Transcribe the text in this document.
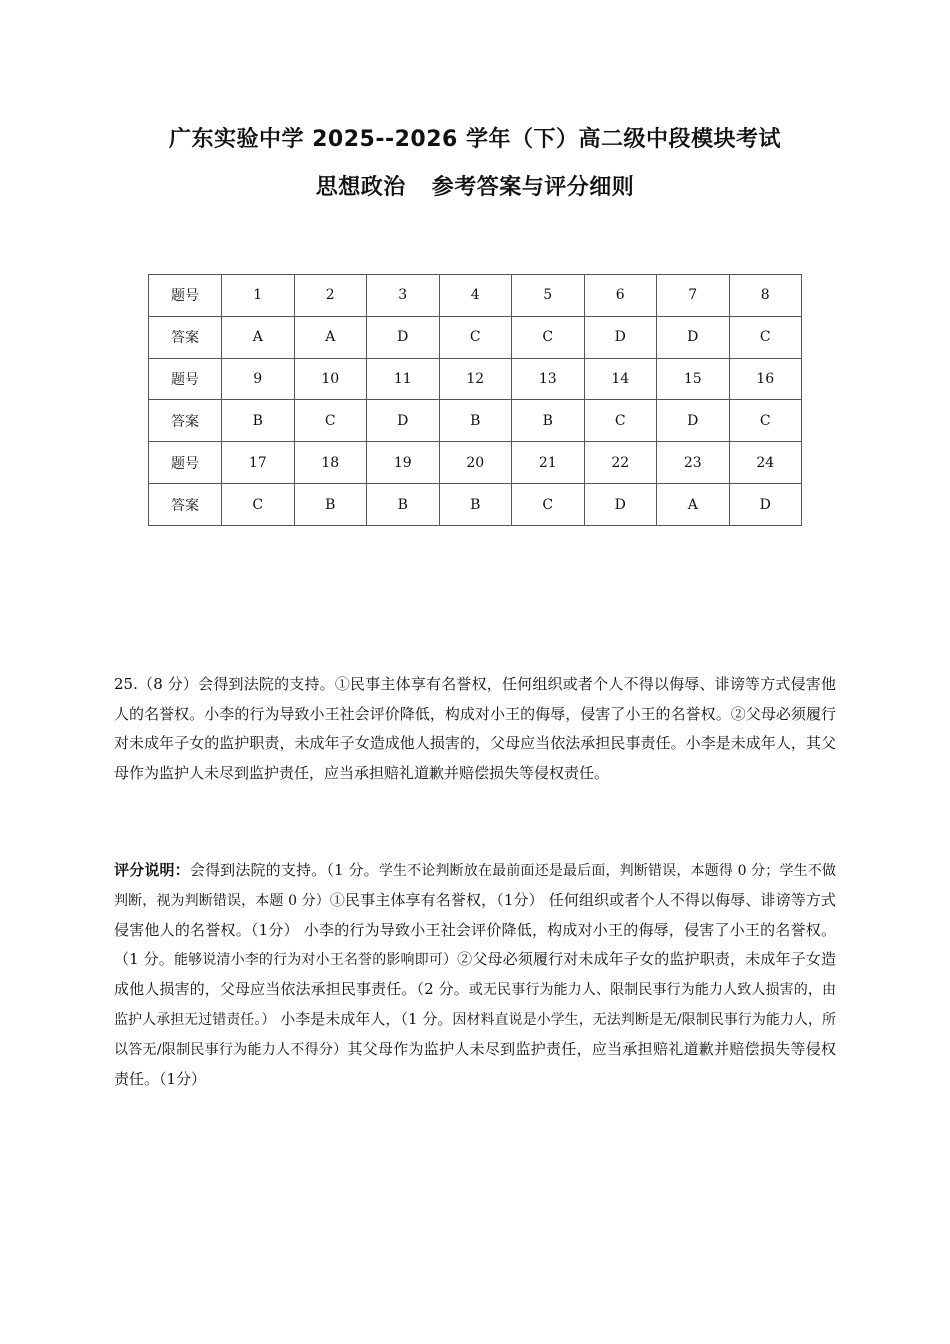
广东实验中学 2025--2026 学年（下）高二级中段模块考试
思想政治 参考答案与评分细则
题号	1	2	3	4	5	6	7	8
答案	A	A	D	C	C	D	D	C
题号	9	10	11	12	13	14	15	16
答案	B	C	D	B	B	C	D	C
题号	17	18	19	20	21	22	23	24
答案	C	B	B	B	C	D	A	D
25.（8 分）会得到法院的支持。①民事主体享有名誉权，任何组织或者个人不得以侮辱、诽谤等方式侵害他人的名誉权。小李的行为导致小王社会评价降低，构成对小王的侮辱，侵害了小王的名誉权。②父母必须履行对未成年子女的监护职责，未成年子女造成他人损害的，父母应当依法承担民事责任。小李是未成年人，其父母作为监护人未尽到监护责任，应当承担赔礼道歉并赔偿损失等侵权责任。
评分说明：会得到法院的支持。（1 分。学生不论判断放在最前面还是最后面，判断错误，本题得 0 分；学生不做判断，视为判断错误，本题 0 分）①民事主体享有名誉权，（1分） 任何组织或者个人不得以侮辱、诽谤等方式侵害他人的名誉权。（1分） 小李的行为导致小王社会评价降低，构成对小王的侮辱，侵害了小王的名誉权。（1 分。能够说清小李的行为对小王名誉的影响即可）②父母必须履行对未成年子女的监护职责，未成年子女造成他人损害的，父母应当依法承担民事责任。（2 分。或无民事行为能力人、限制民事行为能力人致人损害的，由监护人承担无过错责任。） 小李是未成年人，（1 分。因材料直说是小学生，无法判断是无/限制民事行为能力人，所以答无/限制民事行为能力人不得分）其父母作为监护人未尽到监护责任，应当承担赔礼道歉并赔偿损失等侵权责任。（1分）
